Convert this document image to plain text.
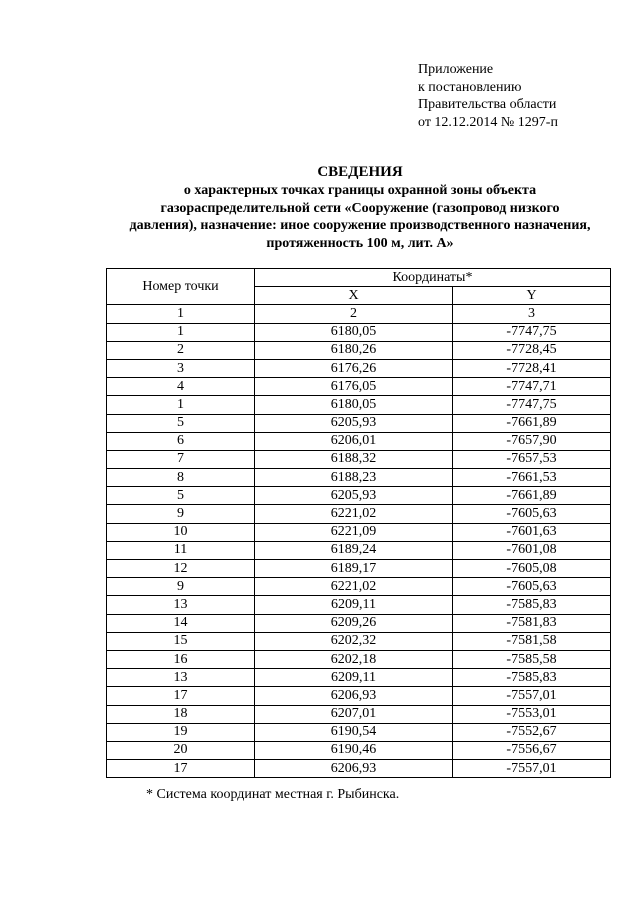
Приложение
к постановлению
Правительства области
от 12.12.2014 № 1297-п
СВЕДЕНИЯ
о характерных точках границы охранной зоны объекта
газораспределительной сети «Сооружение (газопровод низкого
давления), назначение: иное сооружение производственного назначения,
протяженность 100 м, лит. А»
Номер точки	Координаты*	
	X	Y
1	2	3
1	6180,05	-7747,75
2	6180,26	-7728,45
3	6176,26	-7728,41
4	6176,05	-7747,71
1	6180,05	-7747,75
5	6205,93	-7661,89
6	6206,01	-7657,90
7	6188,32	-7657,53
8	6188,23	-7661,53
5	6205,93	-7661,89
9	6221,02	-7605,63
10	6221,09	-7601,63
11	6189,24	-7601,08
12	6189,17	-7605,08
9	6221,02	-7605,63
13	6209,11	-7585,83
14	6209,26	-7581,83
15	6202,32	-7581,58
16	6202,18	-7585,58
13	6209,11	-7585,83
17	6206,93	-7557,01
18	6207,01	-7553,01
19	6190,54	-7552,67
20	6190,46	-7556,67
17	6206,93	-7557,01
* Система координат местная г. Рыбинска.
